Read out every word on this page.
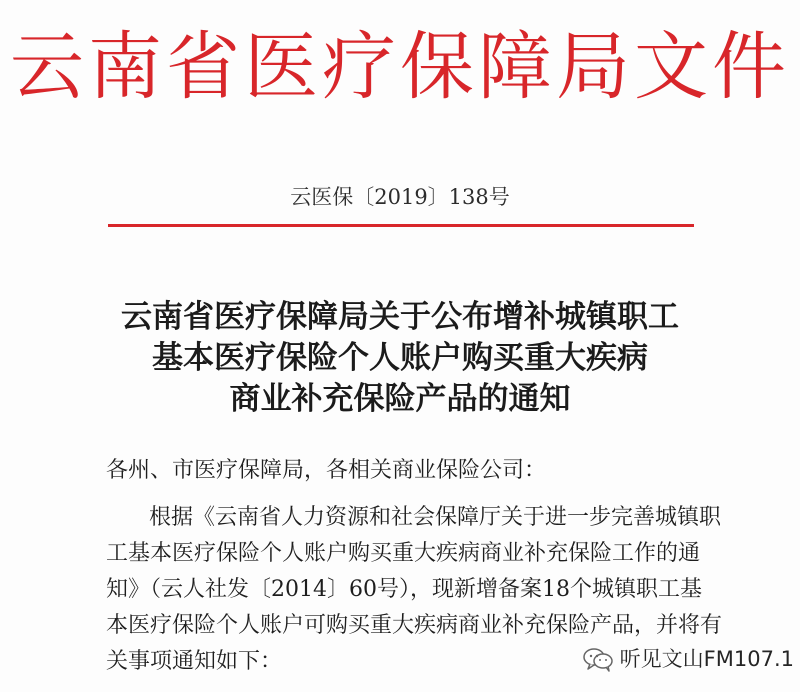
云南省医疗保障局文件
云医保〔2019〕138号
云南省医疗保障局关于公布增补城镇职工
基本医疗保险个人账户购买重大疾病
商业补充保险产品的通知
各州、市医疗保障局，各相关商业保险公司：
根据《云南省人力资源和社会保障厅关于进一步完善城镇职
工基本医疗保险个人账户购买重大疾病商业补充保险工作的通
知》（云人社发〔2014〕60号），现新增备案18个城镇职工基
本医疗保险个人账户可购买重大疾病商业补充保险产品，并将有
关事项通知如下：	听见文山FM107.1
